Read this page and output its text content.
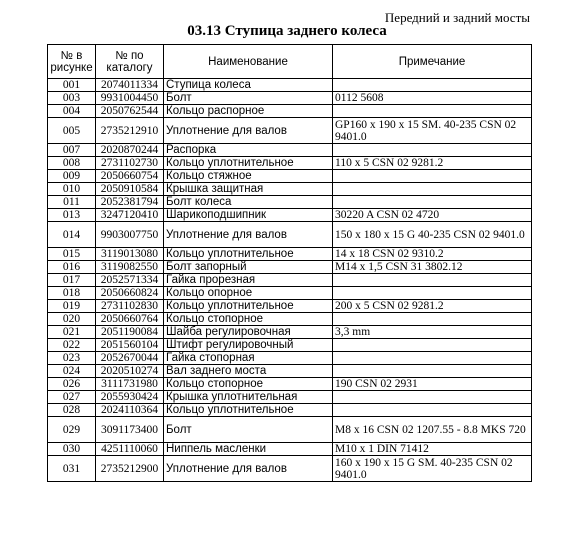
Передний и задний мосты
03.13 Ступица заднего колеса
№ в рисунке	№ по каталогу	Наименование	Примечание
001	2074011334	Ступица колеса	
003	9931004450	Болт	0112 5608
004	2050762544	Кольцо распорное	
005	2735212910	Уплотнение для валов	GP160 x 190 x 15 SM. 40-235 CSN 02 9401.0
007	2020870244	Распорка	
008	2731102730	Кольцо уплотнительное	110 x 5 CSN 02 9281.2
009	2050660754	Кольцо стяжное	
010	2050910584	Крышка защитная	
011	2052381794	Болт колеса	
013	3247120410	Шарикоподшипник	30220 A CSN 02 4720
014	9903007750	Уплотнение для валов	150 x 180 x 15 G 40-235 CSN 02 9401.0
015	3119013080	Кольцо уплотнительное	14 x 18 CSN 02 9310.2
016	3119082550	Болт запорный	M14 x 1,5 CSN 31 3802.12
017	2052571334	Гайка прорезная	
018	2050660824	Кольцо опорное	
019	2731102830	Кольцо уплотнительное	200 x 5 CSN 02 9281.2
020	2050660764	Кольцо стопорное	
021	2051190084	Шайба регулировочная	3,3 mm
022	2051560104	Штифт регулировочный	
023	2052670044	Гайка стопорная	
024	2020510274	Вал заднего моста	
026	3111731980	Кольцо стопорное	190 CSN 02 2931
027	2055930424	Крышка уплотнительная	
028	2024110364	Кольцо уплотнительное	
029	3091173400	Болт	M8 x 16 CSN 02 1207.55 - 8.8 MKS 720
030	4251110060	Ниппель масленки	M10 x 1 DIN 71412
031	2735212900	Уплотнение для валов	160 x 190 x 15 G SM. 40-235 CSN 02 9401.0
